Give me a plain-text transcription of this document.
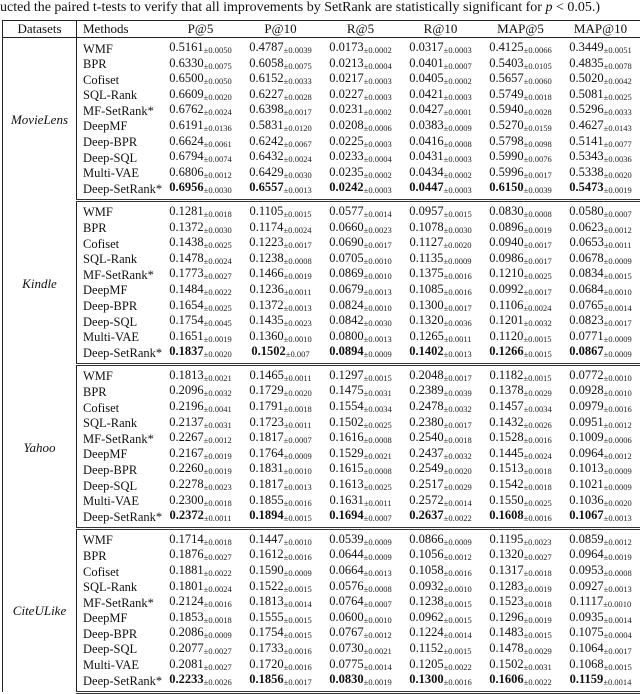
ucted the paired t-tests to verify that all improvements by SetRank are statistically significant for p < 0.05.)
Datasets	Methods	P@5	P@10	R@5	R@10	MAP@5	MAP@10
MovieLens	WMF	0.5161±0.0050	0.4787±0.0039	0.0173±0.0002	0.0317±0.0003	0.4125±0.0066	0.3449±0.0051
	BPR	0.6330±0.0075	0.6058±0.0075	0.0213±0.0004	0.0401±0.0007	0.5403±0.0105	0.4835±0.0078
	Cofiset	0.6500±0.0050	0.6152±0.0033	0.0217±0.0003	0.0405±0.0002	0.5657±0.0060	0.5020±0.0042
	SQL-Rank	0.6609±0.0020	0.6227±0.0028	0.0227±0.0003	0.0421±0.0003	0.5749±0.0018	0.5081±0.0025
	MF-SetRank*	0.6762±0.0024	0.6398±0.0017	0.0231±0.0002	0.0427±0.0001	0.5940±0.0028	0.5296±0.0033
	DeepMF	0.6191±0.0136	0.5831±0.0120	0.0208±0.0006	0.0383±0.0009	0.5270±0.0159	0.4627±0.0143
	Deep-BPR	0.6624±0.0061	0.6242±0.0067	0.0225±0.0003	0.0416±0.0008	0.5798±0.0098	0.5141±0.0077
	Deep-SQL	0.6794±0.0074	0.6432±0.0024	0.0233±0.0004	0.0431±0.0003	0.5990±0.0076	0.5343±0.0036
	Multi-VAE	0.6806±0.0012	0.6429±0.0030	0.0235±0.0002	0.0434±0.0002	0.5996±0.0017	0.5338±0.0020
	Deep-SetRank*	0.6956±0.0030	0.6557±0.0013	0.0242±0.0003	0.0447±0.0003	0.6150±0.0039	0.5473±0.0019
Kindle	WMF	0.1281±0.0018	0.1105±0.0015	0.0577±0.0014	0.0957±0.0015	0.0830±0.0008	0.0580±0.0007
	BPR	0.1372±0.0030	0.1174±0.0024	0.0660±0.0023	0.1078±0.0030	0.0896±0.0019	0.0623±0.0012
	Cofiset	0.1438±0.0025	0.1223±0.0017	0.0690±0.0017	0.1127±0.0020	0.0940±0.0017	0.0653±0.0011
	SQL-Rank	0.1478±0.0024	0.1238±0.0008	0.0705±0.0010	0.1135±0.0009	0.0986±0.0017	0.0678±0.0009
	MF-SetRank*	0.1773±0.0027	0.1466±0.0019	0.0869±0.0010	0.1375±0.0016	0.1210±0.0025	0.0834±0.0015
	DeepMF	0.1484±0.0022	0.1236±0.0011	0.0679±0.0013	0.1085±0.0016	0.0992±0.0017	0.0684±0.0010
	Deep-BPR	0.1654±0.0025	0.1372±0.0013	0.0824±0.0010	0.1300±0.0017	0.1106±0.0024	0.0765±0.0014
	Deep-SQL	0.1754±0.0045	0.1435±0.0023	0.0842±0.0030	0.1320±0.0036	0.1201±0.0032	0.0823±0.0017
	Multi-VAE	0.1651±0.0019	0.1360±0.0010	0.0800±0.0013	0.1265±0.0011	0.1120±0.0015	0.0771±0.0009
	Deep-SetRank*	0.1837±0.0020	0.1502±0.007	0.0894±0.0009	0.1402±0.0013	0.1266±0.0015	0.0867±0.0009
Yahoo	WMF	0.1813±0.0021	0.1465±0.0011	0.1297±0.0015	0.2048±0.0017	0.1182±0.0015	0.0772±0.0010
	BPR	0.2096±0.0032	0.1729±0.0020	0.1475±0.0031	0.2389±0.0039	0.1378±0.0029	0.0928±0.0010
	Cofiset	0.2196±0.0041	0.1791±0.0018	0.1554±0.0034	0.2478±0.0032	0.1457±0.0034	0.0979±0.0016
	SQL-Rank	0.2137±0.0031	0.1723±0.0011	0.1502±0.0025	0.2380±0.0017	0.1432±0.0026	0.0951±0.0012
	MF-SetRank*	0.2267±0.0012	0.1817±0.0007	0.1616±0.0008	0.2540±0.0018	0.1528±0.0016	0.1009±0.0006
	DeepMF	0.2167±0.0019	0.1764±0.0009	0.1529±0.0021	0.2437±0.0032	0.1445±0.0024	0.0964±0.0012
	Deep-BPR	0.2260±0.0019	0.1831±0.0010	0.1615±0.0008	0.2549±0.0020	0.1513±0.0018	0.1013±0.0009
	Deep-SQL	0.2278±0.0023	0.1817±0.0013	0.1613±0.0025	0.2517±0.0029	0.1542±0.0018	0.1021±0.0009
	Multi-VAE	0.2300±0.0018	0.1855±0.0016	0.1631±0.0011	0.2572±0.0014	0.1550±0.0025	0.1036±0.0020
	Deep-SetRank*	0.2372±0.0011	0.1894±0.0015	0.1694±0.0007	0.2637±0.0022	0.1608±0.0016	0.1067±0.0013
CiteULike	WMF	0.1714±0.0018	0.1447±0.0010	0.0539±0.0009	0.0866±0.0009	0.1195±0.0023	0.0859±0.0012
	BPR	0.1876±0.0027	0.1612±0.0016	0.0644±0.0009	0.1056±0.0012	0.1320±0.0027	0.0964±0.0019
	Cofiset	0.1881±0.0022	0.1590±0.0009	0.0664±0.0013	0.1058±0.0016	0.1317±0.0018	0.0953±0.0008
	SQL-Rank	0.1801±0.0024	0.1522±0.0015	0.0576±0.0008	0.0932±0.0010	0.1283±0.0019	0.0927±0.0013
	MF-SetRank*	0.2124±0.0016	0.1813±0.0014	0.0764±0.0007	0.1238±0.0015	0.1523±0.0018	0.1117±0.0010
	DeepMF	0.1853±0.0018	0.1555±0.0015	0.0600±0.0010	0.0962±0.0015	0.1296±0.0019	0.0935±0.0014
	Deep-BPR	0.2086±0.0009	0.1754±0.0015	0.0767±0.0012	0.1224±0.0014	0.1483±0.0015	0.1075±0.0004
	Deep-SQL	0.2077±0.0027	0.1733±0.0016	0.0730±0.0021	0.1152±0.0015	0.1478±0.0029	0.1064±0.0017
	Multi-VAE	0.2081±0.0027	0.1720±0.0016	0.0775±0.0014	0.1205±0.0022	0.1502±0.0031	0.1068±0.0015
	Deep-SetRank*	0.2233±0.0026	0.1856±0.0017	0.0830±0.0019	0.1300±0.0016	0.1606±0.0022	0.1159±0.0014
